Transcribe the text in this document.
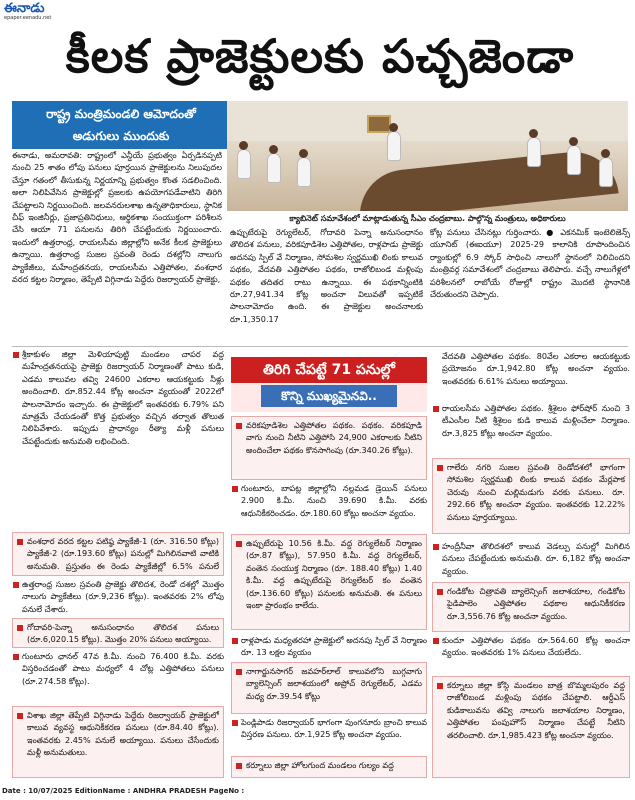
ఈనాడు
epaper.eenadu.net
కీలక ప్రాజెక్టులకు పచ్చజెండా
రాష్ట్ర మంత్రిమండలి ఆమోదంతో
అడుగులు ముందుకు
క్యాబినెట్ సమావేశంలో మాట్లాడుతున్న సీఎం చంద్రబాబు. పాల్గొన్న మంత్రులు, అధికారులు
ఈనాడు, అమరావతి: రాష్ట్రంలో ఎన్డీయే ప్రభుత్వం ఏర్పడినప్పటి నుంచి 25 శాతం లోపు పనులు పూర్తయిన ప్రాజెక్టులను నిలుపుదల చేస్తూ గతంలో తీసుకున్న నిర్ణయాన్ని ప్రభుత్వం కొంత సడలించింది. అలా నిలిపివేసిన ప్రాజెక్టుల్లో ప్రజలకు ఉపయోగపడేవాటిని తిరిగి చేపట్టాలని నిర్ణయించింది. జలవనరులశాఖ ఉన్నతాధికారులు, స్థానిక చీఫ్ ఇంజినీర్లు, ప్రజాప్రతినిధులు, ఆర్థికశాఖ సంయుక్తంగా పరిశీలన చేసి ఆయా 71 పనులను తిరిగి చేపట్టేందుకు నిర్ణయించారు. ఇందులో ఉత్తరాంధ్ర, రాయలసీమ జిల్లాల్లోని అనేక కీలక ప్రాజెక్టులు ఉన్నాయి. ఉత్తరాంధ్ర సుజల స్రవంతి రెండు దశల్లోని నాలుగు ప్యాకేజీలు, మహేంద్రతనయ, రాయలసీమ ఎత్తిపోతల, వంశధార వరద కట్టల నిర్మాణం, తెప్పేటి విగ్గినాడు పెద్దేరు రిజర్వాయర్ ప్రాజెక్టు,
ఉప్పుటేరుపై రెగ్యులేటర్, గోదావరి పెన్నా అనుసంధానం తొలిదశ పనులు, వరికపూడిశెల ఎత్తిపోతల, రాళ్లపాడు ప్రాజెక్టు అదనపు స్పిల్ వే నిర్మాణం, సోమశిల స్వర్ణముఖి లింకు కాలువ పథకం, వేదవతి ఎత్తిపోతల పథకం, రాజోలిబండ మళ్లింపు పథకం తదితర రాటు ఉన్నాయి. ఈ పథకాన్నింటికి రూ.27,941.34 కోట్ల అంచనా విలువతో ఇప్పటికే పాలనామోదం ఉంది. ఈ ప్రాజెక్టుల అంచనాలకు రూ.1,350.17
కోట్ల పనులు చేసినట్లు గుర్తించారు. ● ఎకనమిక్ ఇంటెలిజెన్స్ యూనిట్ (ఈఐయూ) 2025-29 కాలానికి రూపొందించిన ర్యాంకుల్లో 6.9 స్కోర్ సాధించి నాలుగో స్థానంలో నిలిచిందని మంత్రివర్గ సమావేశంలో చంద్రబాబు తెలిపారు. వచ్చే నాలుగేళ్లలో పరిశీలనలో రాబోయే రోజుల్లో రాష్ట్రం మొదటి స్థానానికి చేరుతుందని చెప్పారు.
తిరిగి చేపట్టే 71 పనుల్లో
కొన్ని ముఖ్యమైనవి..
శ్రీకాకుళం జిల్లా మెళియాపుట్టి మండలం చాపర వద్ద మహేంద్రతనయపై ప్రాజెక్టు రిజర్వాయర్ నిర్మాణంతో పాటు కుడి, ఎడమ కాలువల తవ్వి 24600 ఎకరాల ఆయకట్టుకు నీళ్లు అందించాలి. రూ.852.44 కోట్ల అంచనా వ్యయంతో 2022లో పాలనామోదం ఇచ్చారు. ఈ ప్రాజెక్టులో ఇంతవరకు 6.79% పని మాత్రమే చేయడంతో కొత్త ప్రభుత్వం వచ్చిన తర్వాత తొలుత నిలిపివేశారు. ఇప్పుడు ప్రాధాన్యం రీత్యా మళ్లీ పనులు చేపట్టేందుకు అనుమతి లభించింది.
వంశధార వరద కట్టల పటిష్ఠ ప్యాకేజీ-1 (రూ. 316.50 కోట్లు) ప్యాకేజీ-2 (రూ.193.60 కోట్లు) పనుల్లో మిగిలినవాటి వాటికి అనుమతి. ప్రస్తుతం ఈ రెండు ప్యాకేజీల్లో 6.5% పనులే
ఉత్తరాంధ్ర సుజల స్రవంతి ప్రాజెక్టు తొలిదశ, రెండో దశల్లో మొత్తం నాలుగు ప్యాకేజీలు (రూ.9,236 కోట్లు). ఇంతవరకు 2% లోపు పనులే చేశారు.
గోదావరి-పెన్నా అనుసంధానం తొలిదశ పనులు (రూ.6,020.15 కోట్లు). మొత్తం 20% పనులు అయ్యాయి.
గుంటూరు ఛానల్ 47వ కి.మీ. నుంచి 76.400 కి.మీ. వరకు విస్తరించడంతో పాటు మధ్యలో 4 చోట్ల ఎత్తిపోతలు పనులు (రూ.274.58 కోట్లు).
విశాఖ జిల్లా తెప్పేటి విగ్గినాడు పెద్దేరు రిజర్వాయర్ ప్రాజెక్టులో కాలువ వ్యవస్థ ఆధునికీకరణ పనులు (రూ.84.40 కోట్లు). ఇంతవరకు 2.45% పనులే అయ్యాయి. పనులు చేసేందుకు మళ్లీ అనుమతులు.
వరికపూడిశెల ఎత్తిపోతల పథకం. పథకం. వరికపూడి వాగు నుంచి నీటిని ఎత్తిపోసి 24,900 ఎకరాలకు నీటిని అందించేలా పథకం కొనసాగింపు (రూ.340.26 కోట్లు).
గుంటూరు, బాపట్ల జిల్లాల్లోని నల్లమడ డ్రెయిన్ పనులు 2.900 కి.మీ. నుంచి 39.690 కి.మీ. వరకు ఆధునికీకరించడం. రూ.180.60 కోట్లు అంచనా వ్యయం.
ఉప్పుటేరుపై 10.56 కి.మీ. వద్ద రెగ్యులేటర్ నిర్మాణం (రూ.87 కోట్లు), 57.950 కి.మీ. వద్ద రెగ్యులేటర్, వంతెన సంయుక్త నిర్మాణం (రూ. 188.40 కోట్లు) 1.40 కి.మీ. వద్ద ఉప్పుటేరుపై రెగ్యులేటర్ కం వంతెన (రూ.136.60 కోట్లు) పనులకు అనుమతి. ఈ పనులు ఇంకా ప్రారంభం కాలేదు.
రాళ్లపాడు మధ్యతరహా ప్రాజెక్టులో అదనపు స్పిల్ వే నిర్మాణం రూ. 13 లక్షల వ్యయం
నాగార్జునసాగర్ జవహర్‌లాల్ కాలువలోని బుగ్గవాగు బ్యాలెన్సింగ్ జలాశయంలో అప్రోచ్ రెగ్యులేటర్, ఎడమ మధ్య రూ.39.54 కోట్లు
పెండ్లిపాడు రిజర్వాయర్ భాగంగా పుంగనూరు బ్రాంచి కాలువ విస్తరణ పనులు. రూ.1,925 కోట్ల అంచనా వ్యయం.
కర్నూలు జిల్లా హోలగుంద మండలం గుల్యం వద్ద
వేదవతి ఎత్తిపోతల పథకం. 80వేల ఎకరాల ఆయకట్టుకు ప్రయోజనం రూ.1,942.80 కోట్ల అంచనా వ్యయం. ఇంతవరకు 6.61% పనులు అయ్యాయి.
రాయలసీమ ఎత్తిపోతల పథకం. శ్రీశైలం ఫోర్‌షోర్ నుంచి 3 టీఎంసీల నీటి శ్రీశైలం కుడి కాలువ మళ్లించేలా నిర్మాణం. రూ.3,825 కోట్లు అంచనా వ్యయం.
గాలేరు నగరి సుజల స్రవంతి రెండోదశలో భాగంగా సోమశిల స్వర్ణముఖి లింకు కాలువ పథకం మేర్లపాక చెరువు నుంచి మల్లిమడుగు వరకు పనులు. రూ. 292.66 కోట్ల అంచనా వ్యయం. ఇంతవరకు 12.22% పనులు పూర్తయ్యాయి.
హంద్రీనీవా తొలిదశలో కాలువ వెడల్పు పనుల్లో మిగిలిన పనులు చేపట్టేందుకు అనుమతి. రూ. 6,182 కోట్ల అంచనా వ్యయం.
గండికోట చిత్రావతి బ్యాలెన్సింగ్ జలాశయాల, గండికోట పైడిపాలెం ఎత్తిపోతల పథకాల ఆధునికీకరణ రూ.3,556.76 కోట్ల అంచనా వ్యయం.
కుందూ ఎత్తిపోతల పథకం రూ.564.60 కోట్ల అంచనా వ్యయం. ఇంతవరకు 1% పనులు చేయలేదు.
కర్నూలు జిల్లా కోస్గి మండలం బాత్ర బొమ్మలపురం వద్ద రాజోలిబండ మళ్లింపు పథకం చేపట్టాలి. ఆర్డీఎస్ కుడికాలువను తవ్వి నాలుగు జలాశయాల నిర్మాణం, ఎత్తిపోతల పంపుహౌస్ నిర్మాణం చేపట్టే నీటిని తరలించాలి. రూ.1,985.423 కోట్ల అంచనా వ్యయం.
Date : 10/07/2025 EditionName : ANDHRA PRADESH PageNo :
